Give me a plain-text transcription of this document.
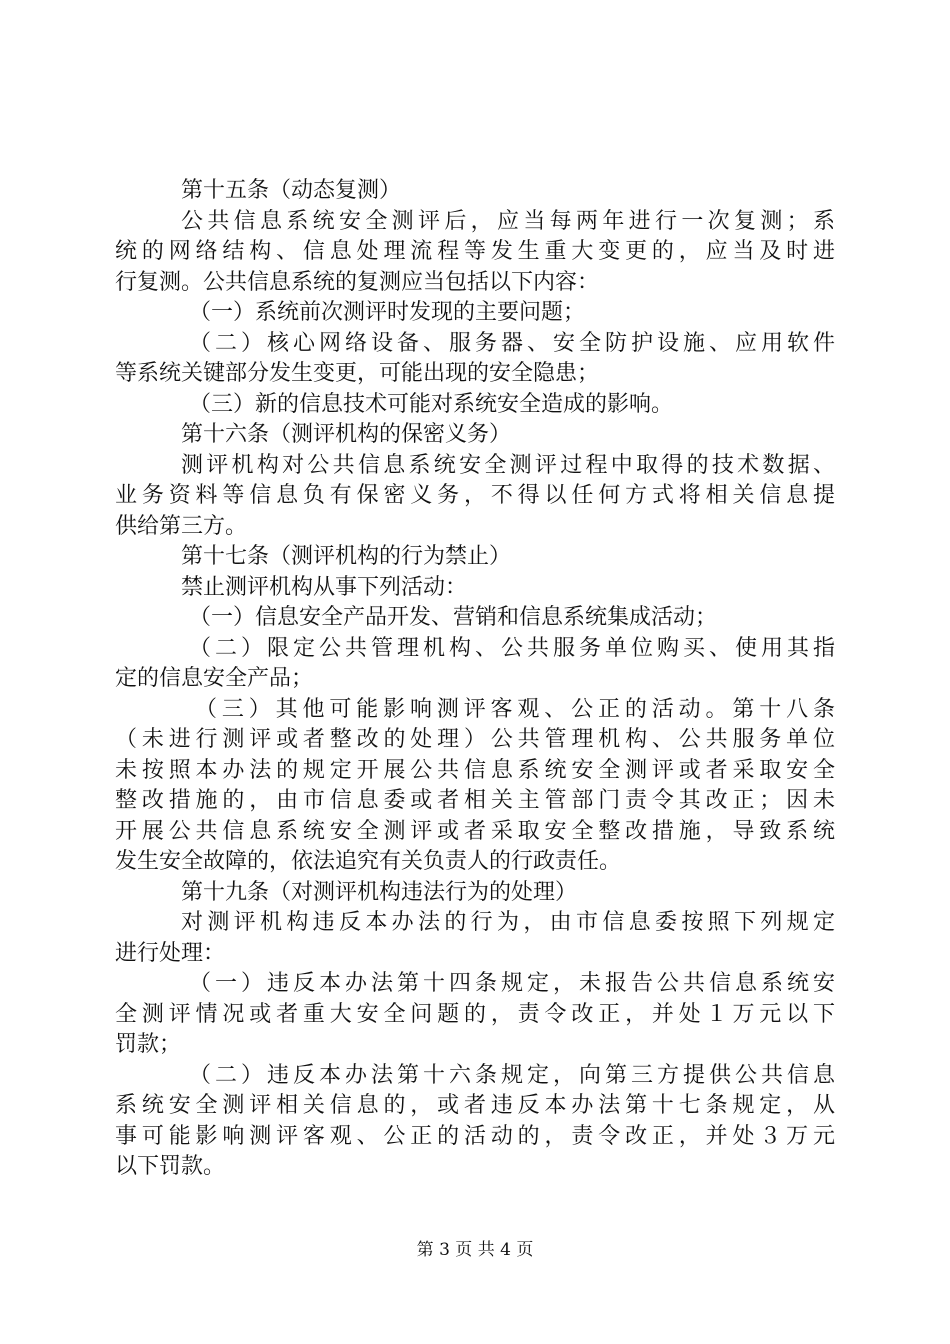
第十五条（动态复测）
公共信息系统安全测评后，应当每两年进行一次复测；系
统的网络结构、信息处理流程等发生重大变更的，应当及时进
行复测。公共信息系统的复测应当包括以下内容：
（一）系统前次测评时发现的主要问题；
（二）核心网络设备、服务器、安全防护设施、应用软件
等系统关键部分发生变更，可能出现的安全隐患；
（三）新的信息技术可能对系统安全造成的影响。
第十六条（测评机构的保密义务）
测评机构对公共信息系统安全测评过程中取得的技术数据、
业务资料等信息负有保密义务，不得以任何方式将相关信息提
供给第三方。
第十七条（测评机构的行为禁止）
禁止测评机构从事下列活动：
（一）信息安全产品开发、营销和信息系统集成活动；
（二）限定公共管理机构、公共服务单位购买、使用其指
定的信息安全产品；
（三）其他可能影响测评客观、公正的活动。第十八条
（未进行测评或者整改的处理）公共管理机构、公共服务单位
未按照本办法的规定开展公共信息系统安全测评或者采取安全
整改措施的，由市信息委或者相关主管部门责令其改正；因未
开展公共信息系统安全测评或者采取安全整改措施，导致系统
发生安全故障的，依法追究有关负责人的行政责任。
第十九条（对测评机构违法行为的处理）
对测评机构违反本办法的行为，由市信息委按照下列规定
进行处理：
（一）违反本办法第十四条规定，未报告公共信息系统安
全测评情况或者重大安全问题的，责令改正，并处１万元以下
罚款；
（二）违反本办法第十六条规定，向第三方提供公共信息
系统安全测评相关信息的，或者违反本办法第十七条规定，从
事可能影响测评客观、公正的活动的，责令改正，并处３万元
以下罚款。
第 3 页 共 4 页
